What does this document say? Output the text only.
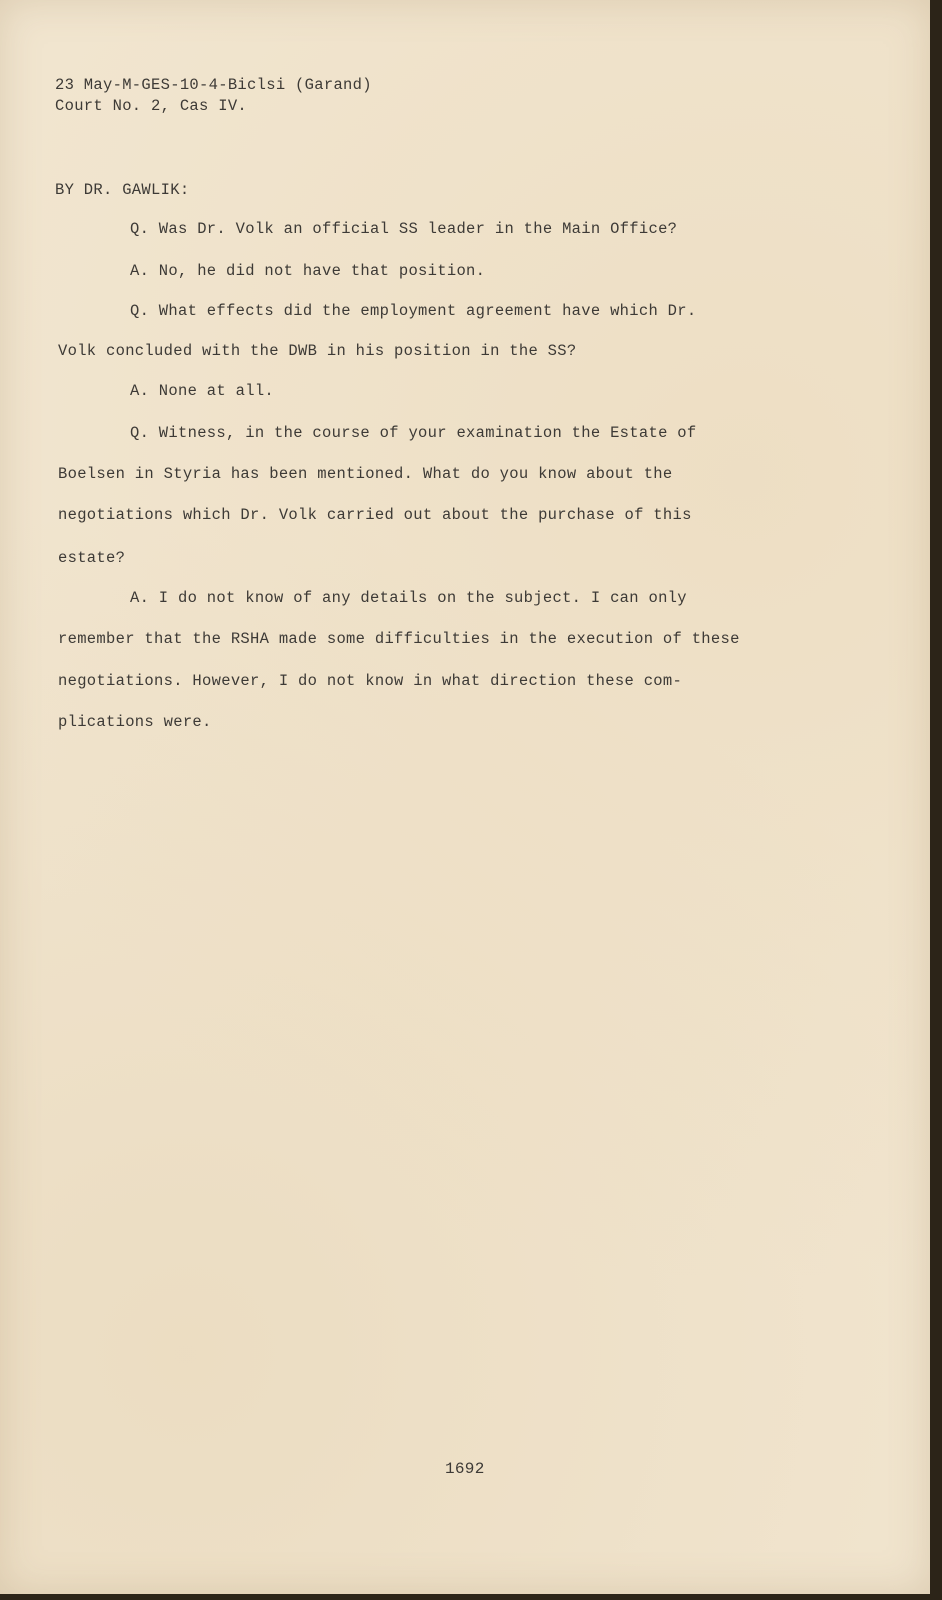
23 May-M-GES-10-4-Biclsi (Garand)
Court No. 2, Cas IV.
BY DR. GAWLIK:
Q. Was Dr. Volk an official SS leader in the Main Office?
A. No, he did not have that position.
Q. What effects did the employment agreement have which Dr.
Volk concluded with the DWB in his position in the SS?
A. None at all.
Q. Witness, in the course of your examination the Estate of
Boelsen in Styria has been mentioned. What do you know about the
negotiations which Dr. Volk carried out about the purchase of this
estate?
A. I do not know of any details on the subject. I can only
remember that the RSHA made some difficulties in the execution of these
negotiations. However, I do not know in what direction these com-
plications were.
1692
